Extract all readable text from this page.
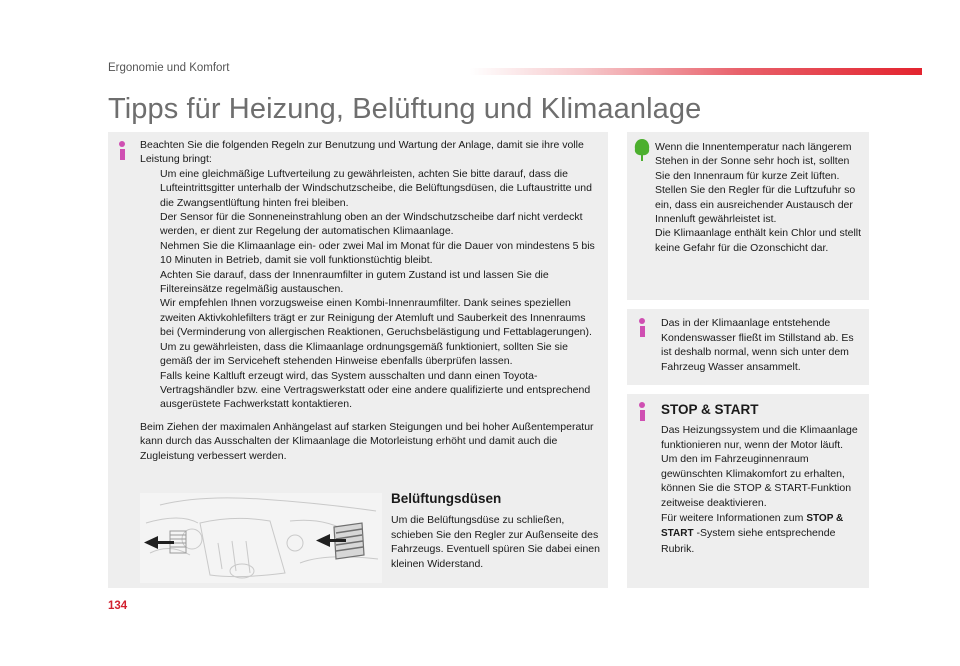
Ergonomie und Komfort
Tipps für Heizung, Belüftung und Klimaanlage

Beachten Sie die folgenden Regeln zur Benutzung und Wartung der Anlage, damit sie ihre volle Leistung bringt:

Um eine gleichmäßige Luftverteilung zu gewährleisten, achten Sie bitte darauf, dass die Lufteintrittsgitter unterhalb der Windschutzscheibe, die Belüftungsdüsen, die Luftaustritte und die Zwangsentlüftung hinten frei bleiben.
Der Sensor für die Sonneneinstrahlung oben an der Windschutzscheibe darf nicht verdeckt werden, er dient zur Regelung der automatischen Klimaanlage.
Nehmen Sie die Klimaanlage ein- oder zwei Mal im Monat für die Dauer von mindestens 5 bis 10 Minuten in Betrieb, damit sie voll funktionstüchtig bleibt.
Achten Sie darauf, dass der Innenraumfilter in gutem Zustand ist und lassen Sie die Filtereinsätze regelmäßig austauschen.
Wir empfehlen Ihnen vorzugsweise einen Kombi-Innenraumfilter. Dank seines speziellen zweiten Aktivkohlefilters trägt er zur Reinigung der Atemluft und Sauberkeit des Innenraums bei (Verminderung von allergischen Reaktionen, Geruchsbelästigung und Fettablagerungen).
Um zu gewährleisten, dass die Klimaanlage ordnungsgemäß funktioniert, sollten Sie sie gemäß der im Serviceheft stehenden Hinweise ebenfalls überprüfen lassen.
Falls keine Kaltluft erzeugt wird, das System ausschalten und dann einen Toyota-Vertragshändler bzw. eine Vertragswerkstatt oder eine andere qualifizierte und entsprechend ausgerüstete Fachwerkstatt kontaktieren.

Beim Ziehen der maximalen Anhängelast auf starken Steigungen und bei hoher Außentemperatur kann durch das Ausschalten der Klimaanlage die Motorleistung erhöht und damit auch die Zugleistung verbessert werden.

Belüftungsdüsen
Um die Belüftungsdüse zu schließen, schieben Sie den Regler zur Außenseite des Fahrzeugs. Eventuell spüren Sie dabei einen kleinen Widerstand.

Wenn die Innentemperatur nach längerem Stehen in der Sonne sehr hoch ist, sollten Sie den Innenraum für kurze Zeit lüften. Stellen Sie den Regler für die Luftzufuhr so ein, dass ein ausreichender Austausch der Innenluft gewährleistet ist.

Die Klimaanlage enthält kein Chlor und stellt keine Gefahr für die Ozonschicht dar.

Das in der Klimaanlage entstehende Kondenswasser fließt im Stillstand ab. Es ist deshalb normal, wenn sich unter dem Fahrzeug Wasser ansammelt.
STOP & START

Das Heizungssystem und die Klimaanlage funktionieren nur, wenn der Motor läuft.

Um den im Fahrzeuginnenraum gewünschten Klimakomfort zu erhalten, können Sie die STOP & START-Funktion zeitweise deaktivieren.

Für weitere Informationen zum STOP & START -System siehe entsprechende Rubrik.

134
